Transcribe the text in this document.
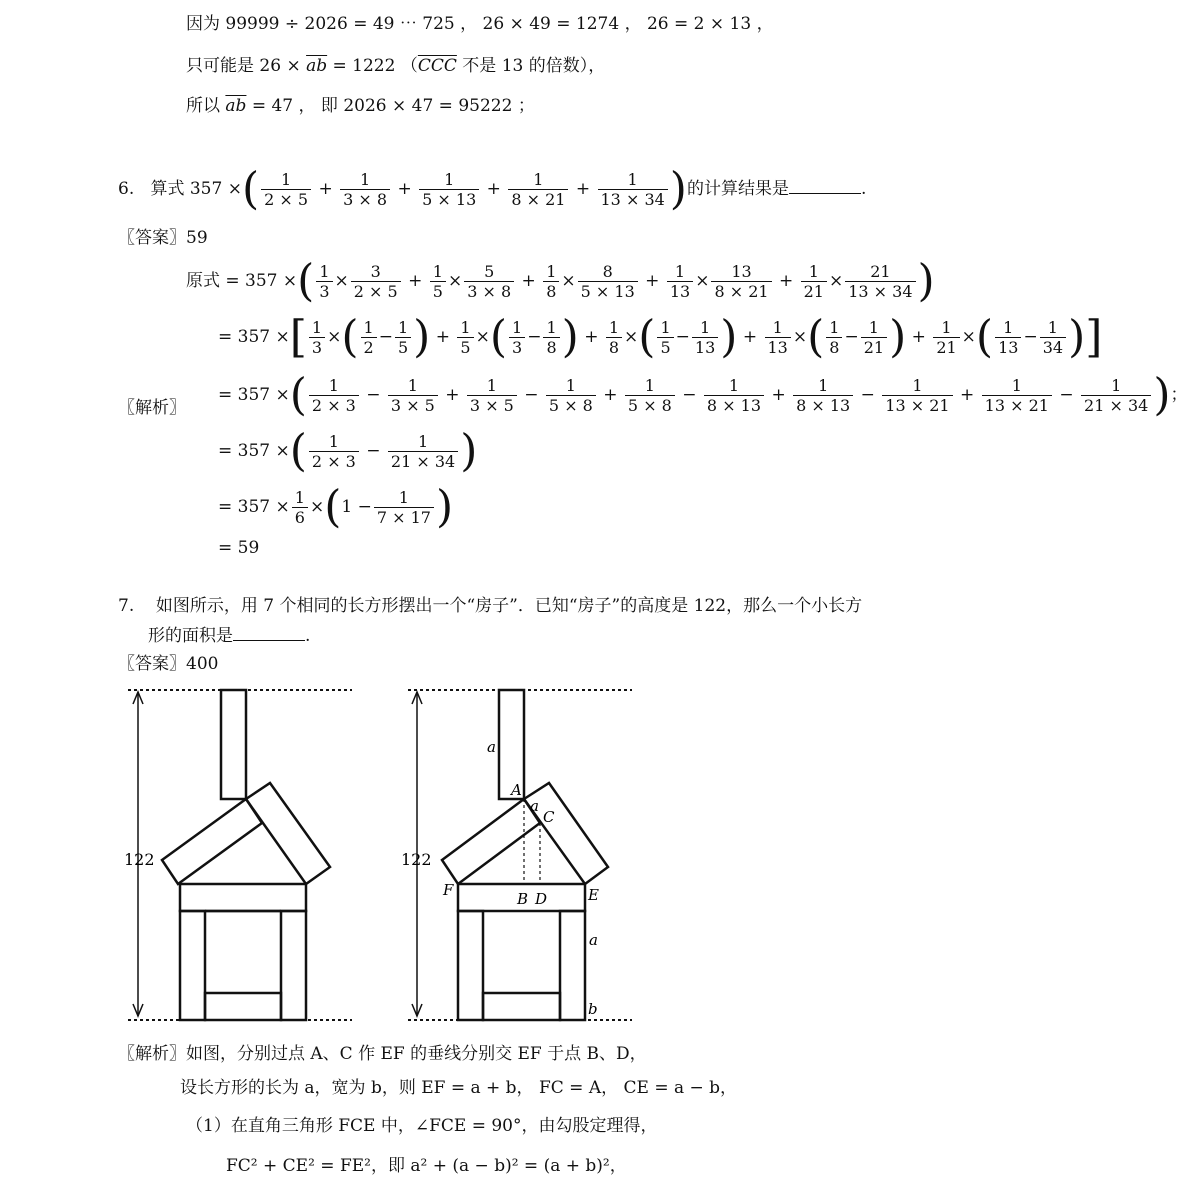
因为 99999 ÷ 2026 = 49 ⋯ 725 ， 26 × 49 = 1274 ， 26 = 2 × 13 ，
只可能是 $26 \times \overline{ab} = 1222$ （$\overline{CCC}$ 不是 13 的倍数），
所以 $\overline{ab} = 47$ ， 即 2026 × 47 = 95222 ；
6. 算式 357 ×( $\frac{1}{2 \times 5} + \frac{1}{3 \times 8} + \frac{1}{5 \times 13} + \frac{1}{8 \times 21} + \frac{1}{13 \times 34}$ )的计算结果是	.
〖答案〗59
〖解析〗
原式 = 357 ×( $\frac{1}{3} \times \frac{3}{2 \times 5} + \frac{1}{5} \times \frac{5}{3 \times 8} + \frac{1}{8} \times \frac{8}{5 \times 13} + \frac{1}{13} \times \frac{13}{8 \times 21} + \frac{1}{21} \times \frac{21}{13 \times 34}$ )
= 357 ×[ $\frac{1}{3}$ ×( $\frac{1}{2} - \frac{1}{5}$ ) + $\frac{1}{5}$ ×( $\frac{1}{3} - \frac{1}{8}$ ) + $\frac{1}{8}$ ×( $\frac{1}{5} - \frac{1}{13}$ ) + $\frac{1}{13}$ ×( $\frac{1}{8} - \frac{1}{21}$ ) + $\frac{1}{21}$ ×( $\frac{1}{13} - \frac{1}{34}$ )]
= 357 ×( $\frac{1}{2 \times 3} - \frac{1}{3 \times 5} + \frac{1}{3 \times 5} - \frac{1}{5 \times 8} + \frac{1}{5 \times 8} - \frac{1}{8 \times 13} + \frac{1}{8 \times 13} - \frac{1}{13 \times 21} + \frac{1}{13 \times 21} - \frac{1}{21 \times 34}$ )；
= 357 ×( $\frac{1}{2 \times 3} - \frac{1}{21 \times 34}$ )
= $357 \times \frac{1}{6} \times(1 - \frac{1}{7 \times 17}$ )
= 59
7. 如图所示，用 7 个相同的长方形摆出一个“房子”．已知“房子”的高度是 122，那么一个小长方
形的面积是	.
〖答案〗400
122	122
a
A
a
C
F	B D	E
a
b
〖解析〗如图，分别过点 A、C 作 EF 的垂线分别交 EF 于点 B、D，
设长方形的长为 a，宽为 b，则 EF = a + b， FC = A， CE = a − b，
（1）在直角三角形 FCE 中，∠FCE = 90°，由勾股定理得，
FC² + CE² = FE²，即 a² + (a − b)² = (a + b)²，
